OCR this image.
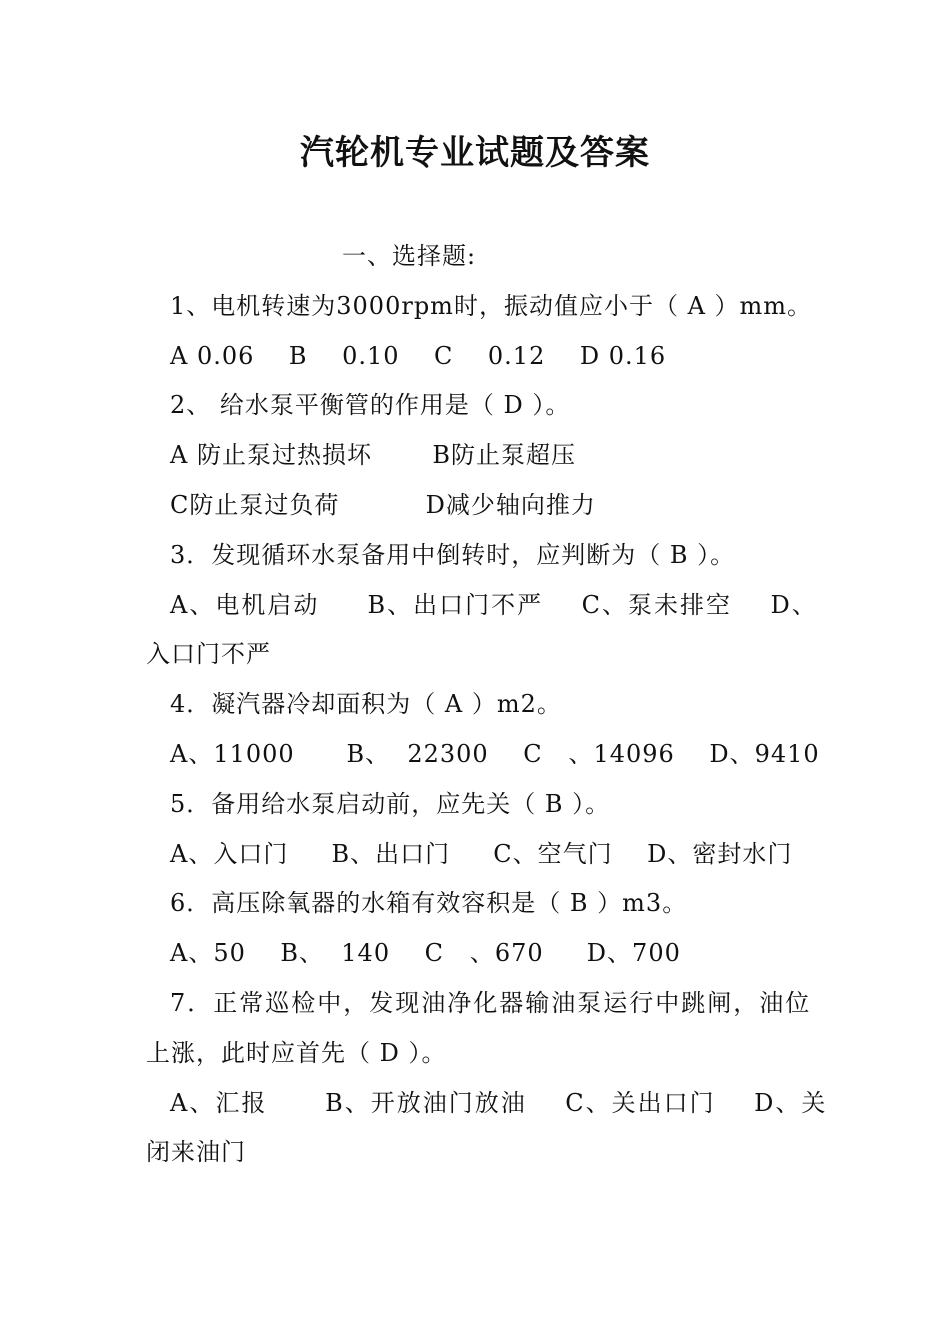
汽轮机专业试题及答案

一、选择题:

1、电机转速为3000rpm时，振动值应小于（ A ）mm。

A 0.06    B    0.10    C    0.12    D 0.16

2、 给水泵平衡管的作用是（ D ）。

A 防止泵过热损坏       B防止泵超压

C防止泵过负荷          D减少轴向推力

3．发现循环水泵备用中倒转时，应判断为（ B ）。

A、电机启动     B、出口门不严    C、泵未排空    D、

入口门不严

4．凝汽器冷却面积为（ A ）m2。

A、11000      B、  22300    C   、14096    D、9410

5．备用给水泵启动前，应先关（ B ）。

A、入口门     B、出口门     C、空气门    D、密封水门

6．高压除氧器的水箱有效容积是（ B ）m3。

A、50    B、  140    C   、670     D、700

7．正常巡检中，发现油净化器输油泵运行中跳闸，油位

上涨，此时应首先（ D ）。

A、汇报      B、开放油门放油    C、关出口门    D、关

闭来油门
